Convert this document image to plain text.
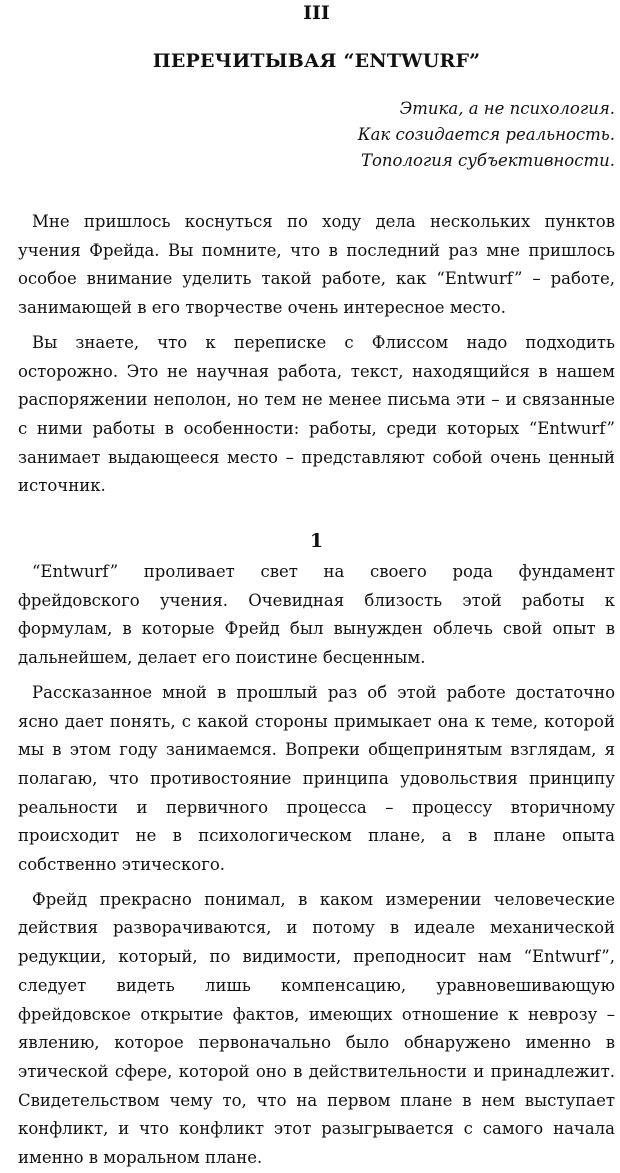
III
ПЕРЕЧИТЫВАЯ “ENTWURF”
Этика, а не психология.
Как созидается реальность.
Топология субъективности.

Мне пришлось коснуться по ходу дела нескольких пунктов учения Фрейда. Вы помните, что в последний раз мне пришлось особое внимание уделить такой работе, как “Entwurf” – работе, занимающей в его творчестве очень интересное место.

Вы знаете, что к переписке с Флиссом надо подходить осторожно. Это не научная работа, текст, находящийся в нашем распоряжении неполон, но тем не менее письма эти – и связанные с ними работы в особенности: работы, среди которых “Entwurf” занимает выдающееся место – представляют собой очень ценный источник.

1

“Entwurf” проливает свет на своего рода фундамент фрейдовского учения. Очевидная близость этой работы к формулам, в которые Фрейд был вынужден облечь свой опыт в дальнейшем, делает его поистине бесценным.

Рассказанное мной в прошлый раз об этой работе достаточно ясно дает понять, с какой стороны примыкает она к теме, которой мы в этом году занимаемся. Вопреки общепринятым взглядам, я полагаю, что противостояние принципа удовольствия принципу реальности и первичного процесса – процессу вторичному происходит не в психологическом плане, а в плане опыта собственно этического.

Фрейд прекрасно понимал, в каком измерении человеческие действия разворачиваются, и потому в идеале механической редукции, который, по видимости, преподносит нам “Entwurf”, следует видеть лишь компенсацию, уравновешивающую фрейдовское открытие фактов, имеющих отношение к неврозу – явлению, которое первоначально было обнаружено именно в этической сфере, которой оно в действительности и принадлежит. Свидетельством чему то, что на первом плане в нем выступает конфликт, и что конфликт этот разыгрывается с самого начала именно в моральном плане.
